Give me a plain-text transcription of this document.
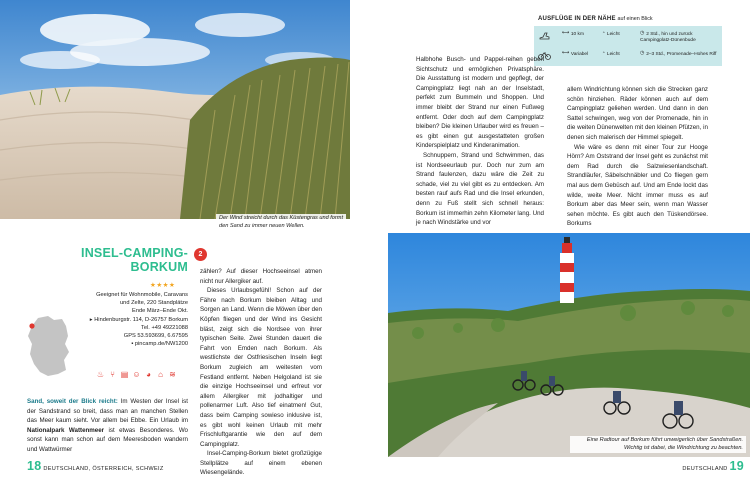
Der Wind streicht durch das Küstengras und formt den Sand zu immer neuen Wellen.
AUSFLÜGE IN DER NÄHE auf einen Blick
⟷ 10 km	◔ Leicht	◷ 2 Std., hin und zurück Campingplatz-Dünenbude
⟷ Variabel	◔ Leicht	◷ 2–3 Std., Promenade–Hohes Riff

Halbhohe Busch- und Pappel-reihen geben Sichtschutz und ermöglichen Privatsphäre. Die Ausstattung ist modern und gepflegt, der Campingplatz liegt nah an der Inselstadt, perfekt zum Bummeln und Shoppen. Und immer bleibt der Strand nur einen Fußweg entfernt. Oder doch auf dem Campingplatz bleiben? Die kleinen Urlauber wird es freuen – es gibt einen gut ausgestatteten großen Kinderspielplatz und Kinderanimation.

Schnuppern, Strand und Schwimmen, das ist Nordseeurlaub pur. Doch nur zum am Strand faulenzen, dazu wäre die Zeit zu schade, viel zu viel gibt es zu entdecken. Am besten rauf aufs Rad und die Insel erkunden, denn zu Fuß stellt sich schnell heraus: Borkum ist immerhin zehn Kilometer lang. Und je nach Windstärke und vor

allem Windrichtung können sich die Strecken ganz schön hinziehen. Räder können auch auf dem Campingplatz geliehen werden. Und dann in den Sattel schwingen, weg von der Promenade, hin in die weiten Dünenwelten mit den kleinen Pfützen, in denen sich malerisch der Himmel spiegelt.

Wie wäre es denn mit einer Tour zur Hooge Hörn? Am Oststrand der Insel geht es zunächst mit dem Rad durch die Salzwiesenlandschaft. Strandläufer, Säbelschnäbler und Co fliegen gern mal aus dem Gebüsch auf. Und am Ende lockt das wilde, weite Meer. Nicht immer muss es auf Borkum aber das Meer sein, wenn man Wasser sehen möchte. Es gibt auch den Tüskendörsee. Borkums

INSEL-CAMPING-
BORKUM
2
★★★★
Geeignet für Wohnmobile, Caravans
und Zelte, 220 Standplätze
Ende März–Ende Okt.
▸ Hindenburgstr. 114, D-26757 Borkum
Tel. +49 49221088
GPS 53.593699, 6.67595
▪ pincamp.de/NW1200
♨ ⑂ ▤ ☺ ◕ ⌂ ≋

zählen? Auf dieser Hochseeinsel atmen nicht nur Allergiker auf.

Dieses Urlaubsgefühl! Schon auf der Fähre nach Borkum bleiben Alltag und Sorgen an Land. Wenn die Möwen über den Köpfen fliegen und der Wind ins Gesicht bläst, zeigt sich die Nordsee von ihrer typischen Seite. Zwei Stunden dauert die Fahrt von Emden nach Borkum. Als westlichste der Ostfriesischen Inseln liegt Borkum zugleich am weitesten vom Festland entfernt. Neben Helgoland ist sie die einzige Hochseeinsel und erfreut vor allem Allergiker mit jodhaltiger und pollenarmer Luft. Also tief einatmen! Gut, dass beim Camping sowieso inklusive ist, es gibt wohl keinen Urlaub mit mehr Frischluftgarantie wie den auf dem Campingplatz.

Insel-Camping-Borkum bietet großzügige Stellplätze auf einem ebenen Wiesengelände.

Sand, soweit der Blick reicht: Im Westen der Insel ist der Sandstrand so breit, dass man an manchen Stellen das Meer kaum sieht. Vor allem bei Ebbe. Ein Urlaub im Nationalpark Wattenmeer ist etwas Besonderes. Wo sonst kann man schon auf dem Meeresboden wandern und Wattwürmer

Eine Radtour auf Borkum führt unweigerlich über Sandstraßen. Wichtig ist dabei, die Windrichtung zu beachten.
18 DEUTSCHLAND, ÖSTERREICH, SCHWEIZ	DEUTSCHLAND 19
